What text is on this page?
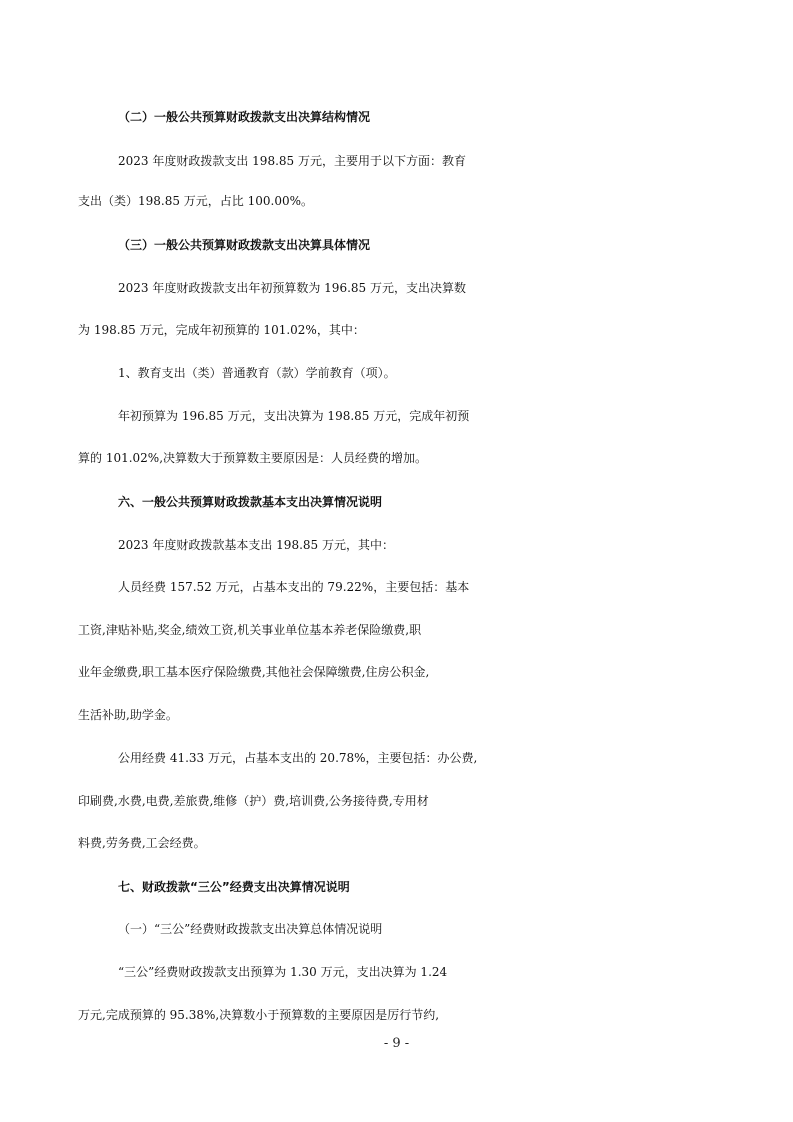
（二）一般公共预算财政拨款支出决算结构情况
2023 年度财政拨款支出 198.85 万元，主要用于以下方面：教育
支出（类）198.85 万元，占比 100.00%。
（三）一般公共预算财政拨款支出决算具体情况
2023 年度财政拨款支出年初预算数为 196.85 万元，支出决算数
为 198.85 万元，完成年初预算的 101.02%，其中：
1、教育支出（类）普通教育（款）学前教育（项）。
年初预算为 196.85 万元，支出决算为 198.85 万元，完成年初预
算的 101.02%,决算数大于预算数主要原因是：人员经费的增加。
六、一般公共预算财政拨款基本支出决算情况说明
2023 年度财政拨款基本支出 198.85 万元，其中：
人员经费 157.52 万元，占基本支出的 79.22%，主要包括：基本
工资,津贴补贴,奖金,绩效工资,机关事业单位基本养老保险缴费,职
业年金缴费,职工基本医疗保险缴费,其他社会保障缴费,住房公积金,
生活补助,助学金。
公用经费 41.33 万元，占基本支出的 20.78%，主要包括：办公费,
印刷费,水费,电费,差旅费,维修（护）费,培训费,公务接待费,专用材
料费,劳务费,工会经费。
七、财政拨款“三公”经费支出决算情况说明
（一）“三公”经费财政拨款支出决算总体情况说明
“三公”经费财政拨款支出预算为 1.30 万元，支出决算为 1.24
万元,完成预算的 95.38%,决算数小于预算数的主要原因是厉行节约,
- 9 -
